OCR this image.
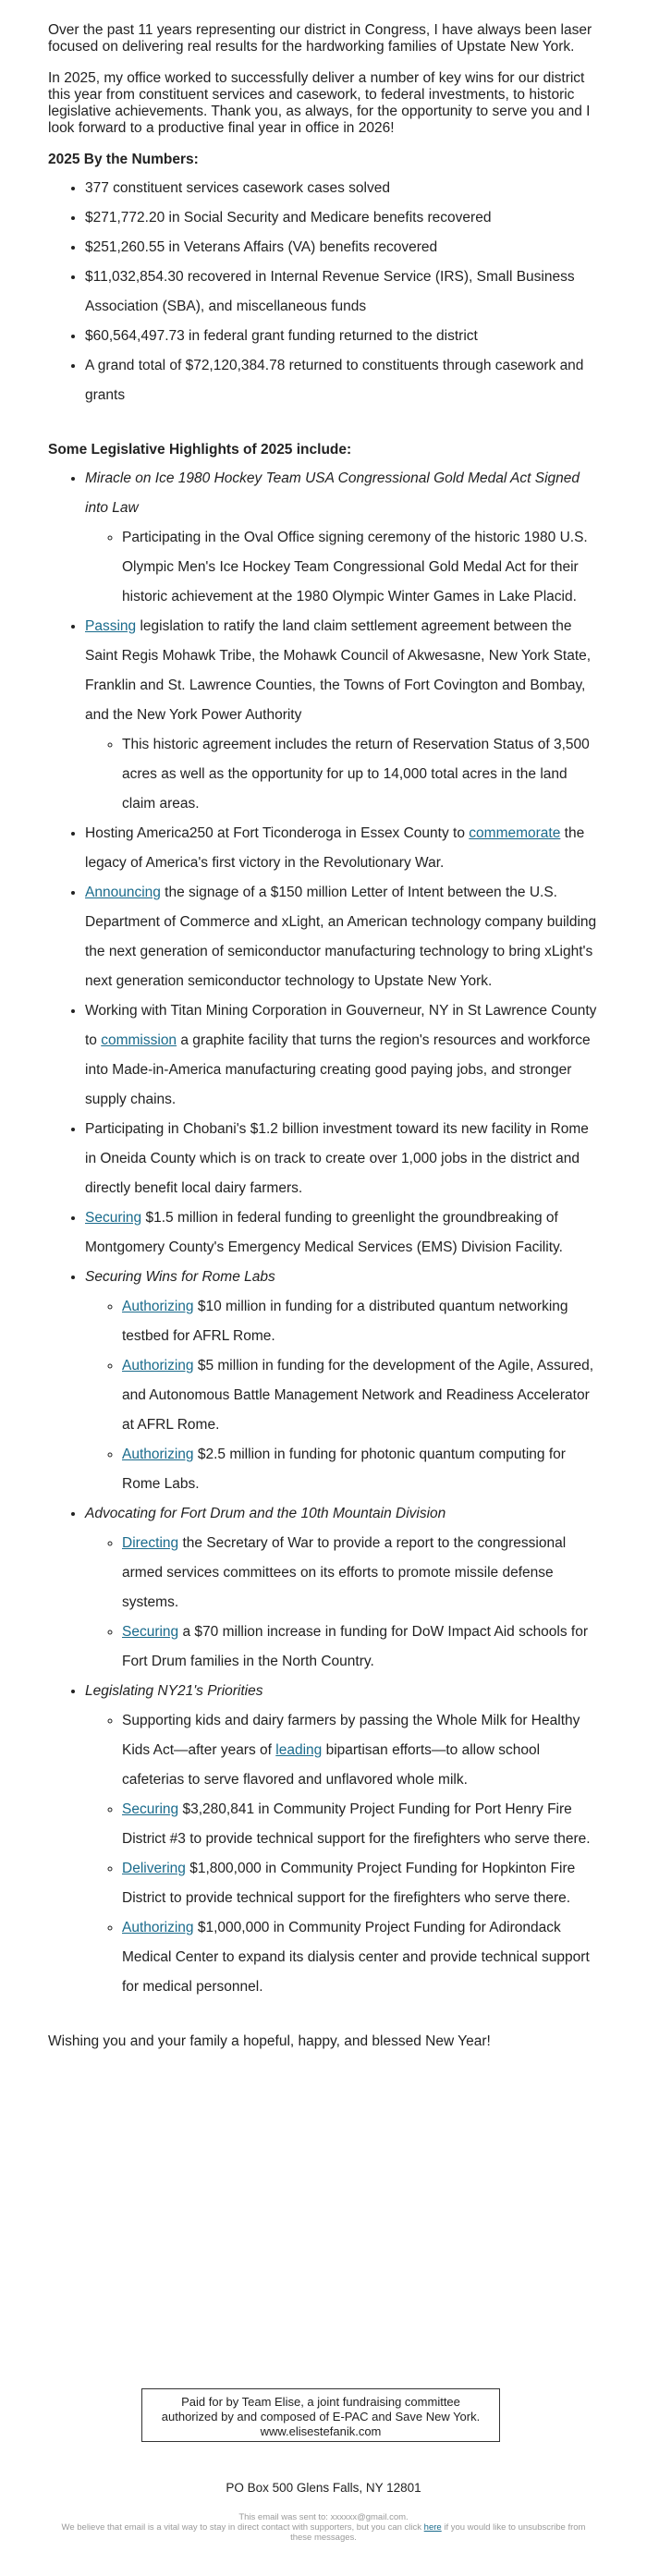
Over the past 11 years representing our district in Congress, I have always been laser focused on delivering real results for the hardworking families of Upstate New York.

In 2025, my office worked to successfully deliver a number of key wins for our district this year from constituent services and casework, to federal investments, to historic legislative achievements. Thank you, as always, for the opportunity to serve you and I look forward to a productive final year in office in 2026!

2025 By the Numbers:
• 377 constituent services casework cases solved
• $271,772.20 in Social Security and Medicare benefits recovered
• $251,260.55 in Veterans Affairs (VA) benefits recovered
• $11,032,854.30 recovered in Internal Revenue Service (IRS), Small Business Association (SBA), and miscellaneous funds
• $60,564,497.73 in federal grant funding returned to the district
• A grand total of $72,120,384.78 returned to constituents through casework and grants
Some Legislative Highlights of 2025 include:
• Miracle on Ice 1980 Hockey Team USA Congressional Gold Medal Act Signed into Law
◦ Participating in the Oval Office signing ceremony of the historic 1980 U.S. Olympic Men's Ice Hockey Team Congressional Gold Medal Act for their historic achievement at the 1980 Olympic Winter Games in Lake Placid.
• Passing legislation to ratify the land claim settlement agreement between the Saint Regis Mohawk Tribe, the Mohawk Council of Akwesasne, New York State, Franklin and St. Lawrence Counties, the Towns of Fort Covington and Bombay, and the New York Power Authority
◦ This historic agreement includes the return of Reservation Status of 3,500 acres as well as the opportunity for up to 14,000 total acres in the land claim areas.
• Hosting America250 at Fort Ticonderoga in Essex County to commemorate the legacy of America's first victory in the Revolutionary War.
• Announcing the signage of a $150 million Letter of Intent between the U.S. Department of Commerce and xLight, an American technology company building the next generation of semiconductor manufacturing technology to bring xLight's next generation semiconductor technology to Upstate New York.
• Working with Titan Mining Corporation in Gouverneur, NY in St Lawrence County to commission a graphite facility that turns the region's resources and workforce into Made-in-America manufacturing creating good paying jobs, and stronger supply chains.
• Participating in Chobani's $1.2 billion investment toward its new facility in Rome in Oneida County which is on track to create over 1,000 jobs in the district and directly benefit local dairy farmers.
• Securing $1.5 million in federal funding to greenlight the groundbreaking of Montgomery County's Emergency Medical Services (EMS) Division Facility.
• Securing Wins for Rome Labs
◦ Authorizing $10 million in funding for a distributed quantum networking testbed for AFRL Rome.
◦ Authorizing $5 million in funding for the development of the Agile, Assured, and Autonomous Battle Management Network and Readiness Accelerator at AFRL Rome.
◦ Authorizing $2.5 million in funding for photonic quantum computing for Rome Labs.
• Advocating for Fort Drum and the 10th Mountain Division
◦ Directing the Secretary of War to provide a report to the congressional armed services committees on its efforts to promote missile defense systems.
◦ Securing a $70 million increase in funding for DoW Impact Aid schools for Fort Drum families in the North Country.
• Legislating NY21's Priorities
◦ Supporting kids and dairy farmers by passing the Whole Milk for Healthy Kids Act—after years of leading bipartisan efforts—to allow school cafeterias to serve flavored and unflavored whole milk.
◦ Securing $3,280,841 in Community Project Funding for Port Henry Fire District #3 to provide technical support for the firefighters who serve there.
◦ Delivering $1,800,000 in Community Project Funding for Hopkinton Fire District to provide technical support for the firefighters who serve there.
◦ Authorizing $1,000,000 in Community Project Funding for Adirondack Medical Center to expand its dialysis center and provide technical support for medical personnel.

Wishing you and your family a hopeful, happy, and blessed New Year!

Paid for by Team Elise, a joint fundraising committee
authorized by and composed of E-PAC and Save New York.
www.elisestefanik.com
PO Box 500 Glens Falls, NY 12801
This email was sent to: xxxxxx@gmail.com.
We believe that email is a vital way to stay in direct contact with supporters, but you can click here if you would like to unsubscribe from these messages.
